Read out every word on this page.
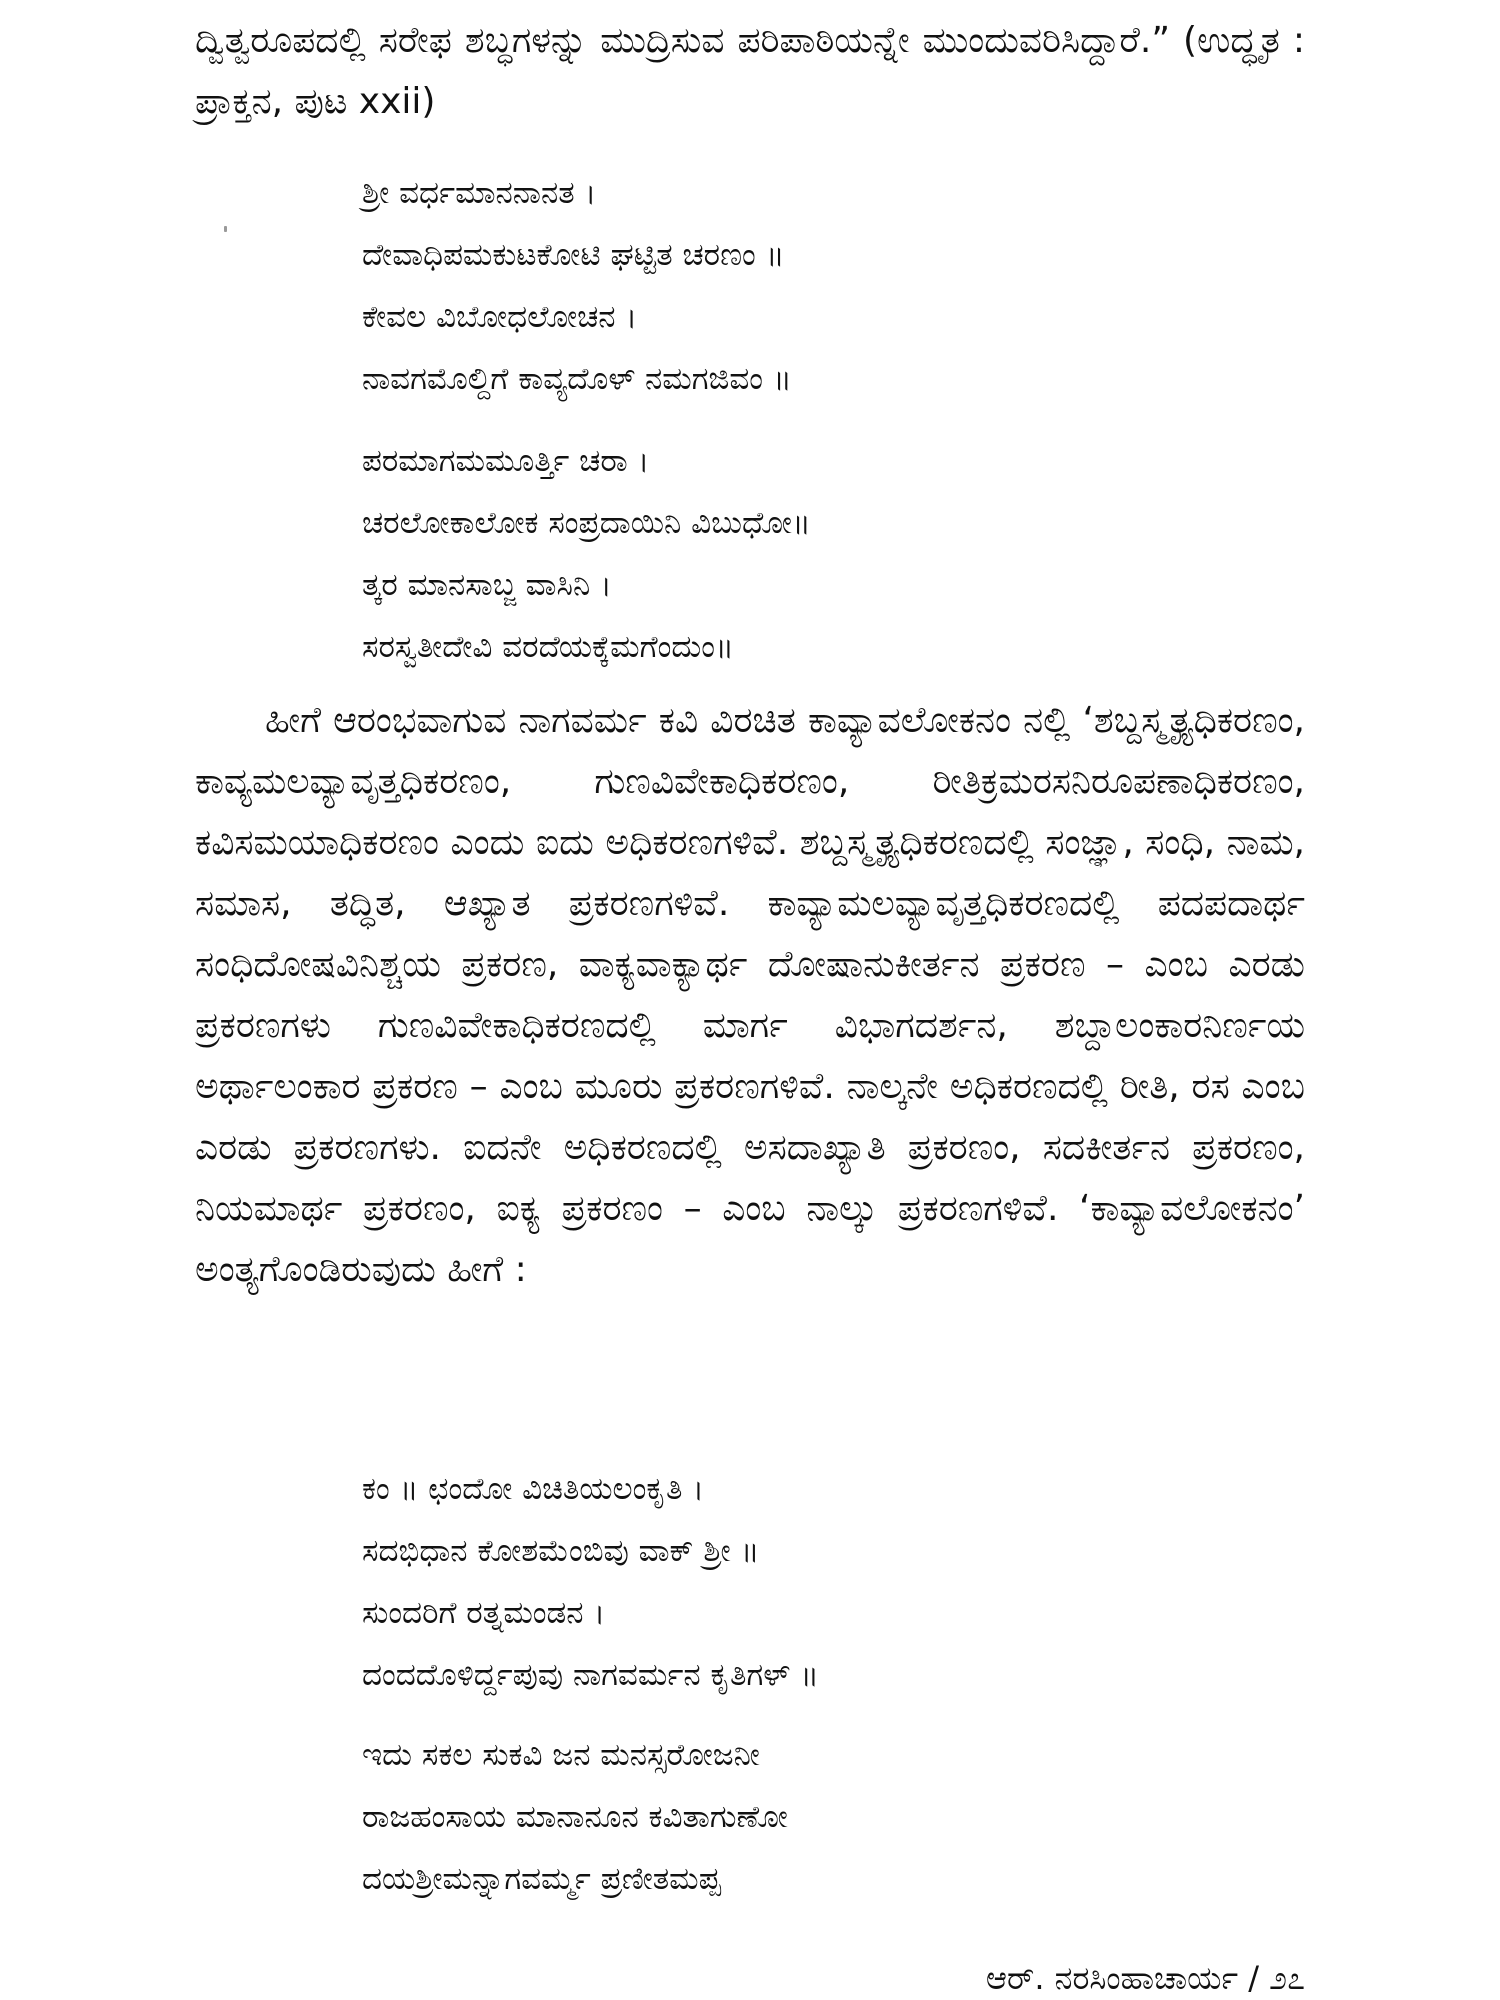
ದ್ವಿತ್ವರೂಪದಲ್ಲಿ ಸರೇಫ ಶಬ್ಧಗಳನ್ನು ಮುದ್ರಿಸುವ ಪರಿಪಾಠಿಯನ್ನೇ ಮುಂದುವರಿಸಿದ್ದಾರೆ.” (ಉದ್ಧೃತ : ಪ್ರಾಕ್ತನ, ಪುಟ xxii)

ಶ್ರೀ ವರ್ಧಮಾನನಾನತ ।
ದೇವಾಧಿಪಮಕುಟಕೋಟಿ ಘಟ್ಟಿತ ಚರಣಂ ॥
ಕೇವಲ ವಿಬೋಧಲೋಚನ ।
ನಾವಗಮೊಲ್ದಿಗೆ ಕಾವ್ಯದೊಳ್ ನಮಗಜಿವಂ ॥
ಪರಮಾಗಮಮೂರ್ತ್ತಿ ಚರಾ ।
ಚರಲೋಕಾಲೋಕ ಸಂಪ್ರದಾಯಿನಿ ವಿಬುಧೋ॥
ತ್ಕರ ಮಾನಸಾಬ್ಜ ವಾಸಿನಿ ।
ಸರಸ್ವತೀದೇವಿ ವರದೆಯಕ್ಕೆಮಗೆಂದುಂ॥

ಹೀಗೆ ಆರಂಭವಾಗುವ ನಾಗವರ್ಮ ಕವಿ ವಿರಚಿತ ಕಾವ್ಯಾವಲೋಕನಂ ನಲ್ಲಿ ‘ಶಬ್ದಸ್ಮೃತ್ಯಧಿಕರಣಂ, ಕಾವ್ಯಮಲವ್ಯಾವೃತ್ತಧಿಕರಣಂ, ಗುಣವಿವೇಕಾಧಿಕರಣಂ, ರೀತಿಕ್ರಮರಸನಿರೂಪಣಾಧಿಕರಣಂ, ಕವಿಸಮಯಾಧಿಕರಣಂ ಎಂದು ಐದು ಅಧಿಕರಣಗಳಿವೆ. ಶಬ್ದಸ್ಮೃತ್ಯಧಿಕರಣದಲ್ಲಿ ಸಂಜ್ಞಾ, ಸಂಧಿ, ನಾಮ, ಸಮಾಸ, ತದ್ಧಿತ, ಆಖ್ಯಾತ ಪ್ರಕರಣಗಳಿವೆ. ಕಾವ್ಯಾಮಲವ್ಯಾವೃತ್ತಧಿಕರಣದಲ್ಲಿ ಪದಪದಾರ್ಥ ಸಂಧಿದೋಷವಿನಿಶ್ಚಯ ಪ್ರಕರಣ, ವಾಕ್ಯವಾಕ್ಯಾರ್ಥ ದೋಷಾನುಕೀರ್ತನ ಪ್ರಕರಣ – ಎಂಬ ಎರಡು ಪ್ರಕರಣಗಳು ಗುಣವಿವೇಕಾಧಿಕರಣದಲ್ಲಿ ಮಾರ್ಗ ವಿಭಾಗದರ್ಶನ, ಶಬ್ದಾಲಂಕಾರನಿರ್ಣಯ ಅರ್ಥಾಲಂಕಾರ ಪ್ರಕರಣ – ಎಂಬ ಮೂರು ಪ್ರಕರಣಗಳಿವೆ. ನಾಲ್ಕನೇ ಅಧಿಕರಣದಲ್ಲಿ ರೀತಿ, ರಸ ಎಂಬ ಎರಡು ಪ್ರಕರಣಗಳು. ಐದನೇ ಅಧಿಕರಣದಲ್ಲಿ ಅಸದಾಖ್ಯಾತಿ ಪ್ರಕರಣಂ, ಸದಕೀರ್ತನ ಪ್ರಕರಣಂ, ನಿಯಮಾರ್ಥ ಪ್ರಕರಣಂ, ಐಕ್ಯ ಪ್ರಕರಣಂ – ಎಂಬ ನಾಲ್ಕು ಪ್ರಕರಣಗಳಿವೆ. ‘ಕಾವ್ಯಾವಲೋಕನಂ’ ಅಂತ್ಯಗೊಂಡಿರುವುದು ಹೀಗೆ :

ಕಂ ॥ ಛಂದೋ ವಿಚಿತಿಯಲಂಕೃತಿ ।
ಸದಭಿಧಾನ ಕೋಶಮೆಂಬಿವು ವಾಕ್ ಶ್ರೀ ॥
ಸುಂದರಿಗೆ ರತ್ನಮಂಡನ ।
ದಂದದೊಳಿರ್ದ್ದಪುವು ನಾಗವರ್ಮನ ಕೃತಿಗಳ್ ॥
ಇದು ಸಕಲ ಸುಕವಿ ಜನ ಮನಸ್ಸರೋಜನೀ
ರಾಜಹಂಸಾಯ ಮಾನಾನೂನ ಕವಿತಾಗುಣೋ
ದಯಶ್ರೀಮನ್ನಾಗವರ್ಮ್ಮ ಪ್ರಣೀತಮಪ್ಪ
ಆರ್. ನರಸಿಂಹಾಚಾರ್ಯ / ೨೭
